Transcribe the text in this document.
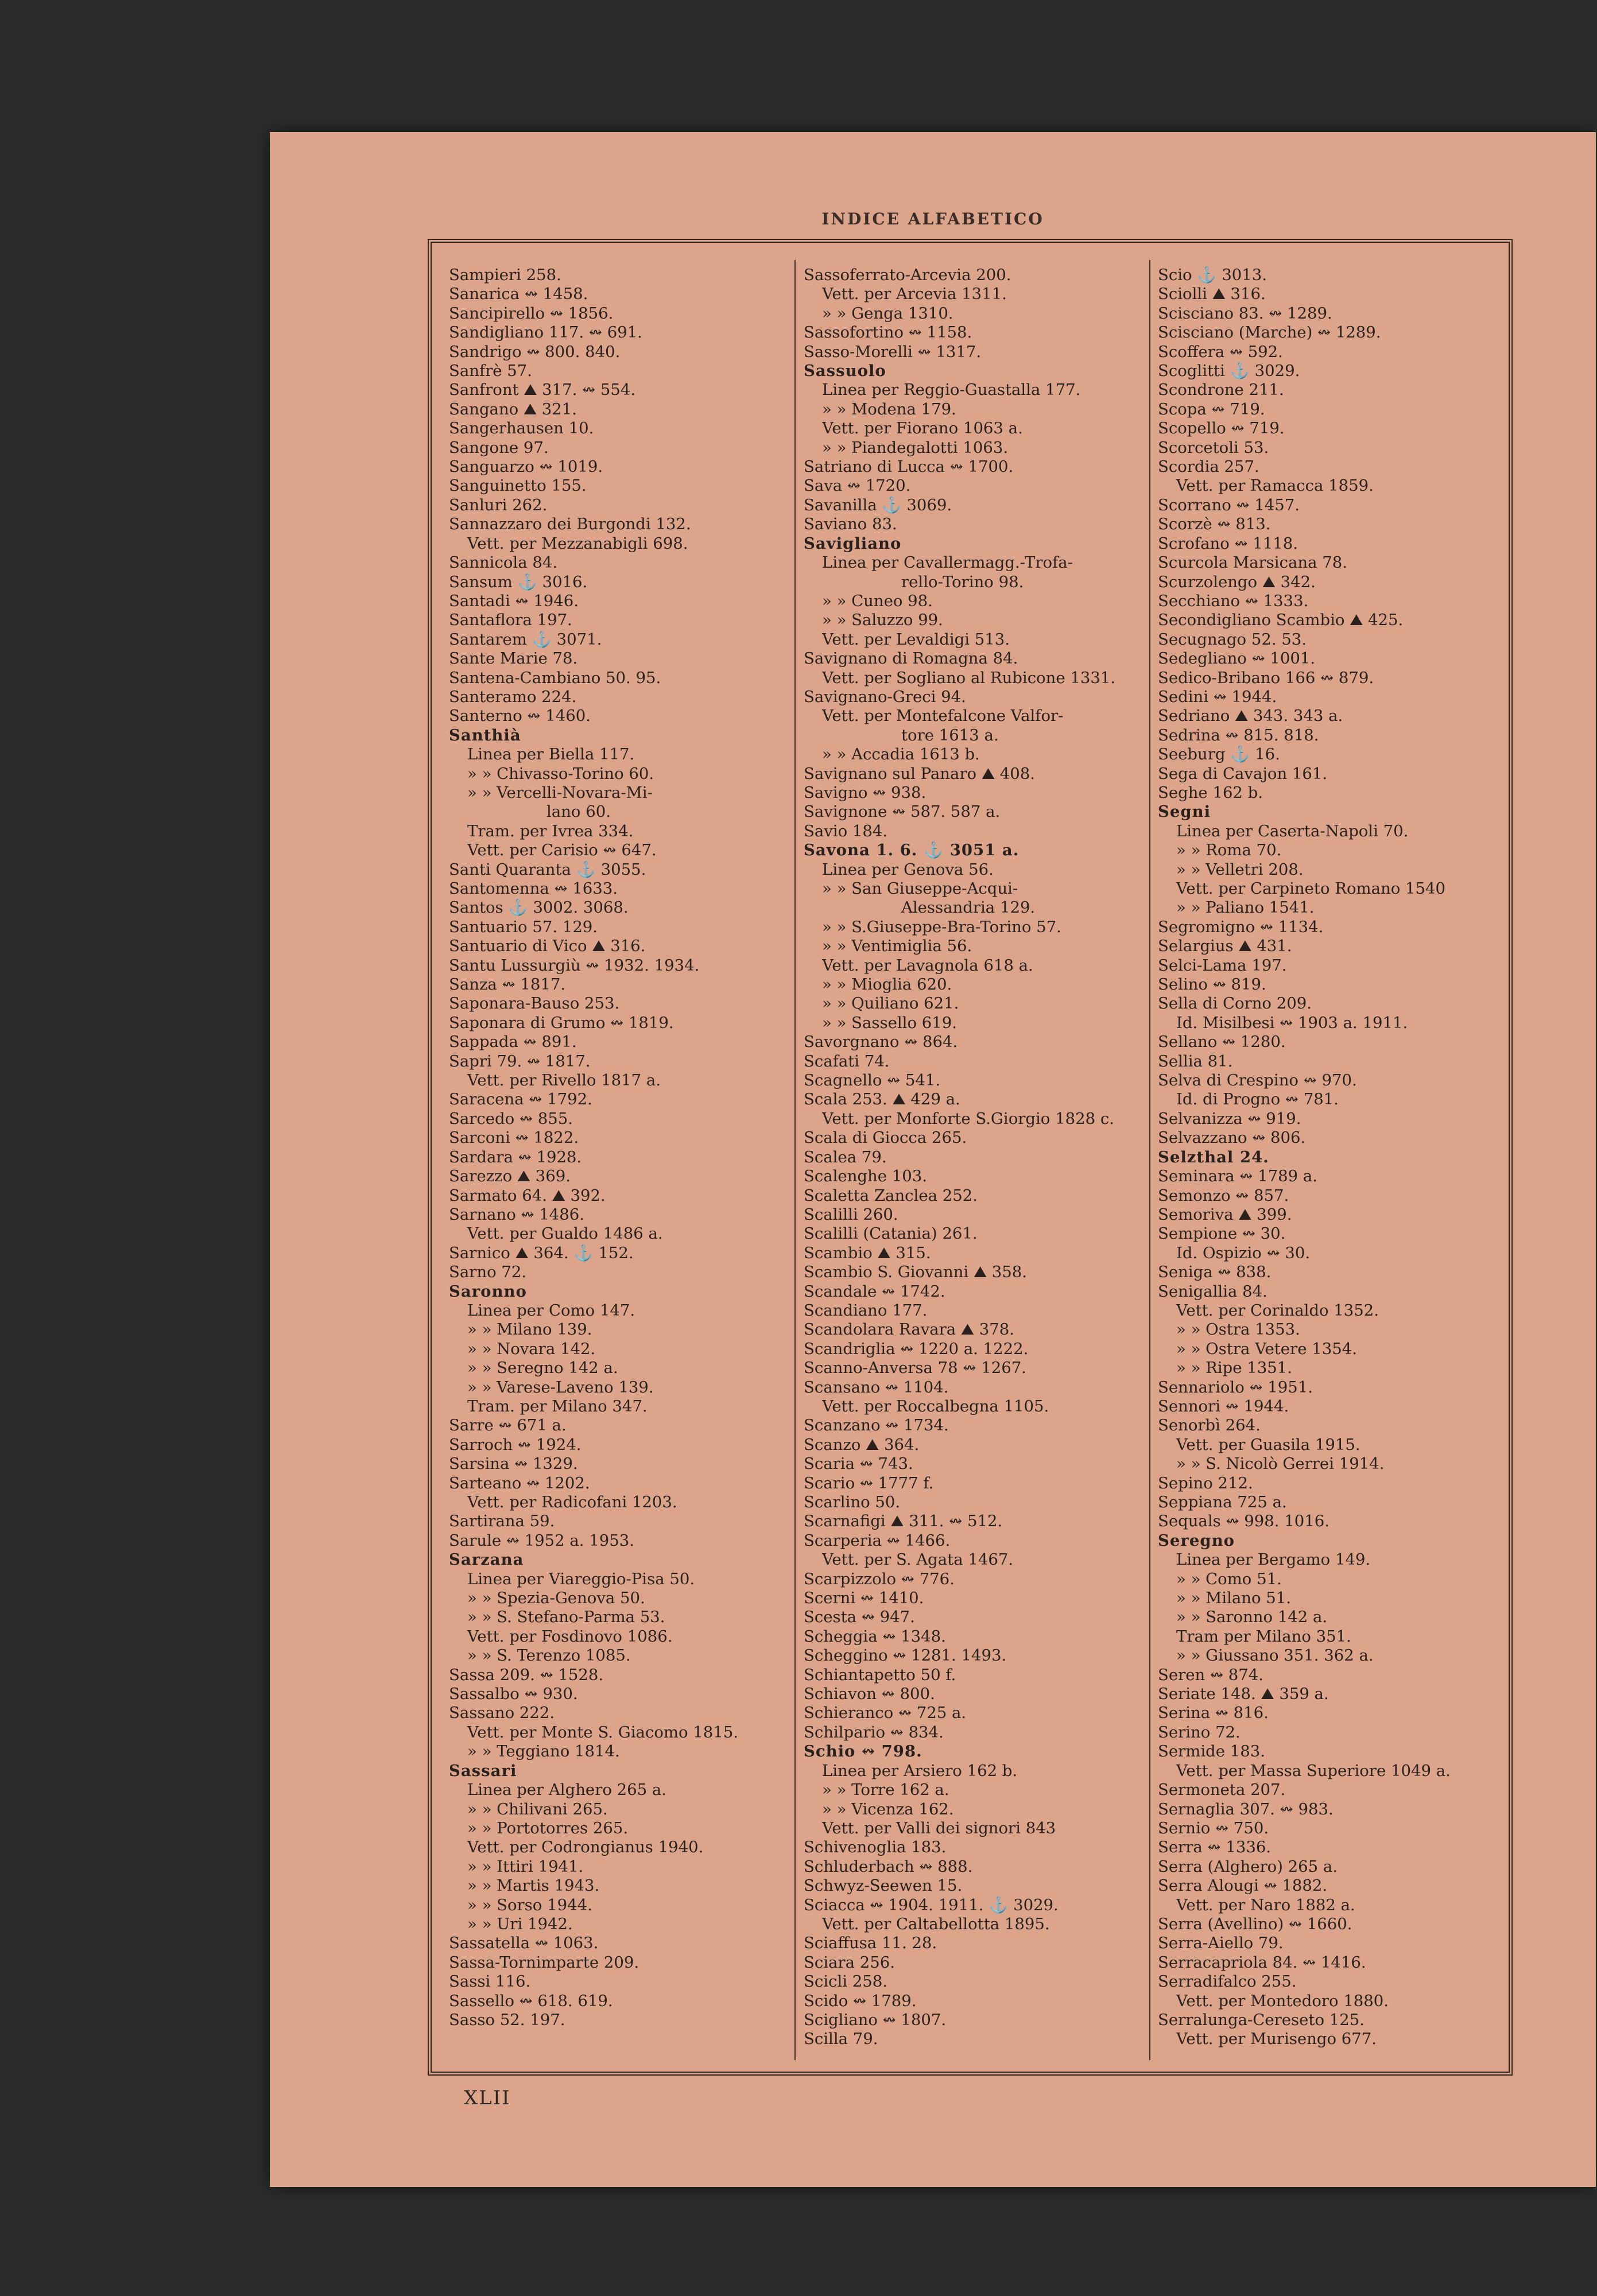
INDICE ALFABETICO
Sampieri 258.
Sanarica ↭ 1458.
Sancipirello ↭ 1856.
Sandigliano 117. ↭ 691.
Sandrigo ↭ 800. 840.
Sanfrè 57.
Sanfront ⛰ 317. ↭ 554.
Sangano ⛰ 321.
Sangerhausen 10.
Sangone 97.
Sanguarzo ↭ 1019.
Sanguinetto 155.
Sanluri 262.
Sannazzaro dei Burgondi 132.
Vett. per Mezzanabigli 698.
Sannicola 84.
Sansum ⚓ 3016.
Santadi ↭ 1946.
Santaflora 197.
Santarem ⚓ 3071.
Sante Marie 78.
Santena-Cambiano 50. 95.
Santeramo 224.
Santerno ↭ 1460.
Santhià
Linea per Biella 117.
» » Chivasso-Torino 60.
» » Vercelli-Novara-Mi-
lano 60.
Tram. per Ivrea 334.
Vett. per Carisio ↭ 647.
Santi Quaranta ⚓ 3055.
Santomenna ↭ 1633.
Santos ⚓ 3002. 3068.
Santuario 57. 129.
Santuario di Vico ⛰ 316.
Santu Lussurgiù ↭ 1932. 1934.
Sanza ↭ 1817.
Saponara-Bauso 253.
Saponara di Grumo ↭ 1819.
Sappada ↭ 891.
Sapri 79. ↭ 1817.
Vett. per Rivello 1817 a.
Saracena ↭ 1792.
Sarcedo ↭ 855.
Sarconi ↭ 1822.
Sardara ↭ 1928.
Sarezzo ⛰ 369.
Sarmato 64. ⛰ 392.
Sarnano ↭ 1486.
Vett. per Gualdo 1486 a.
Sarnico ⛰ 364. ⚓ 152.
Sarno 72.
Saronno
Linea per Como 147.
» » Milano 139.
» » Novara 142.
» » Seregno 142 a.
» » Varese-Laveno 139.
Tram. per Milano 347.
Sarre ↭ 671 a.
Sarroch ↭ 1924.
Sarsina ↭ 1329.
Sarteano ↭ 1202.
Vett. per Radicofani 1203.
Sartirana 59.
Sarule ↭ 1952 a. 1953.
Sarzana
Linea per Viareggio-Pisa 50.
» » Spezia-Genova 50.
» » S. Stefano-Parma 53.
Vett. per Fosdinovo 1086.
» » S. Terenzo 1085.
Sassa 209. ↭ 1528.
Sassalbo ↭ 930.
Sassano 222.
Vett. per Monte S. Giacomo 1815.
» » Teggiano 1814.
Sassari
Linea per Alghero 265 a.
» » Chilivani 265.
» » Portotorres 265.
Vett. per Codrongianus 1940.
» » Ittiri 1941.
» » Martis 1943.
» » Sorso 1944.
» » Uri 1942.
Sassatella ↭ 1063.
Sassa-Tornimparte 209.
Sassi 116.
Sassello ↭ 618. 619.
Sasso 52. 197.
Sassoferrato-Arcevia 200.
Vett. per Arcevia 1311.
» » Genga 1310.
Sassofortino ↭ 1158.
Sasso-Morelli ↭ 1317.
Sassuolo
Linea per Reggio-Guastalla 177.
» » Modena 179.
Vett. per Fiorano 1063 a.
» » Piandegalotti 1063.
Satriano di Lucca ↭ 1700.
Sava ↭ 1720.
Savanilla ⚓ 3069.
Saviano 83.
Savigliano
Linea per Cavallermagg.-Trofa-
rello-Torino 98.
» » Cuneo 98.
» » Saluzzo 99.
Vett. per Levaldigi 513.
Savignano di Romagna 84.
Vett. per Sogliano al Rubicone 1331.
Savignano-Greci 94.
Vett. per Montefalcone Valfor-
tore 1613 a.
» » Accadia 1613 b.
Savignano sul Panaro ⛰ 408.
Savigno ↭ 938.
Savignone ↭ 587. 587 a.
Savio 184.
Savona 1. 6. ⚓ 3051 a.
Linea per Genova 56.
» » San Giuseppe-Acqui-
Alessandria 129.
» » S.Giuseppe-Bra-Torino 57.
» » Ventimiglia 56.
Vett. per Lavagnola 618 a.
» » Mioglia 620.
» » Quiliano 621.
» » Sassello 619.
Savorgnano ↭ 864.
Scafati 74.
Scagnello ↭ 541.
Scala 253. ⛰ 429 a.
Vett. per Monforte S.Giorgio 1828 c.
Scala di Giocca 265.
Scalea 79.
Scalenghe 103.
Scaletta Zanclea 252.
Scalilli 260.
Scalilli (Catania) 261.
Scambio ⛰ 315.
Scambio S. Giovanni ⛰ 358.
Scandale ↭ 1742.
Scandiano 177.
Scandolara Ravara ⛰ 378.
Scandriglia ↭ 1220 a. 1222.
Scanno-Anversa 78 ↭ 1267.
Scansano ↭ 1104.
Vett. per Roccalbegna 1105.
Scanzano ↭ 1734.
Scanzo ⛰ 364.
Scaria ↭ 743.
Scario ↭ 1777 f.
Scarlino 50.
Scarnafigi ⛰ 311. ↭ 512.
Scarperia ↭ 1466.
Vett. per S. Agata 1467.
Scarpizzolo ↭ 776.
Scerni ↭ 1410.
Scesta ↭ 947.
Scheggia ↭ 1348.
Scheggino ↭ 1281. 1493.
Schiantapetto 50 f.
Schiavon ↭ 800.
Schieranco ↭ 725 a.
Schilpario ↭ 834.
Schio ↭ 798.
Linea per Arsiero 162 b.
» » Torre 162 a.
» » Vicenza 162.
Vett. per Valli dei signori 843
Schivenoglia 183.
Schluderbach ↭ 888.
Schwyz-Seewen 15.
Sciacca ↭ 1904. 1911. ⚓ 3029.
Vett. per Caltabellotta 1895.
Sciaffusa 11. 28.
Sciara 256.
Scicli 258.
Scido ↭ 1789.
Scigliano ↭ 1807.
Scilla 79.
Scio ⚓ 3013.
Sciolli ⛰ 316.
Scisciano 83. ↭ 1289.
Scisciano (Marche) ↭ 1289.
Scoffera ↭ 592.
Scoglitti ⚓ 3029.
Scondrone 211.
Scopa ↭ 719.
Scopello ↭ 719.
Scorcetoli 53.
Scordia 257.
Vett. per Ramacca 1859.
Scorrano ↭ 1457.
Scorzè ↭ 813.
Scrofano ↭ 1118.
Scurcola Marsicana 78.
Scurzolengo ⛰ 342.
Secchiano ↭ 1333.
Secondigliano Scambio ⛰ 425.
Secugnago 52. 53.
Sedegliano ↭ 1001.
Sedico-Bribano 166 ↭ 879.
Sedini ↭ 1944.
Sedriano ⛰ 343. 343 a.
Sedrina ↭ 815. 818.
Seeburg ⚓ 16.
Sega di Cavajon 161.
Seghe 162 b.
Segni
Linea per Caserta-Napoli 70.
» » Roma 70.
» » Velletri 208.
Vett. per Carpineto Romano 1540
» » Paliano 1541.
Segromigno ↭ 1134.
Selargius ⛰ 431.
Selci-Lama 197.
Selino ↭ 819.
Sella di Corno 209.
Id. Misilbesi ↭ 1903 a. 1911.
Sellano ↭ 1280.
Sellia 81.
Selva di Crespino ↭ 970.
Id. di Progno ↭ 781.
Selvanizza ↭ 919.
Selvazzano ↭ 806.
Selzthal 24.
Seminara ↭ 1789 a.
Semonzo ↭ 857.
Semoriva ⛰ 399.
Sempione ↭ 30.
Id. Ospizio ↭ 30.
Seniga ↭ 838.
Senigallia 84.
Vett. per Corinaldo 1352.
» » Ostra 1353.
» » Ostra Vetere 1354.
» » Ripe 1351.
Sennariolo ↭ 1951.
Sennori ↭ 1944.
Senorbì 264.
Vett. per Guasila 1915.
» » S. Nicolò Gerrei 1914.
Sepino 212.
Seppiana 725 a.
Sequals ↭ 998. 1016.
Seregno
Linea per Bergamo 149.
» » Como 51.
» » Milano 51.
» » Saronno 142 a.
Tram per Milano 351.
» » Giussano 351. 362 a.
Seren ↭ 874.
Seriate 148. ⛰ 359 a.
Serina ↭ 816.
Serino 72.
Sermide 183.
Vett. per Massa Superiore 1049 a.
Sermoneta 207.
Sernaglia 307. ↭ 983.
Sernio ↭ 750.
Serra ↭ 1336.
Serra (Alghero) 265 a.
Serra Alougi ↭ 1882.
Vett. per Naro 1882 a.
Serra (Avellino) ↭ 1660.
Serra-Aiello 79.
Serracapriola 84. ↭ 1416.
Serradifalco 255.
Vett. per Montedoro 1880.
Serralunga-Cereseto 125.
Vett. per Murisengo 677.
XLII
